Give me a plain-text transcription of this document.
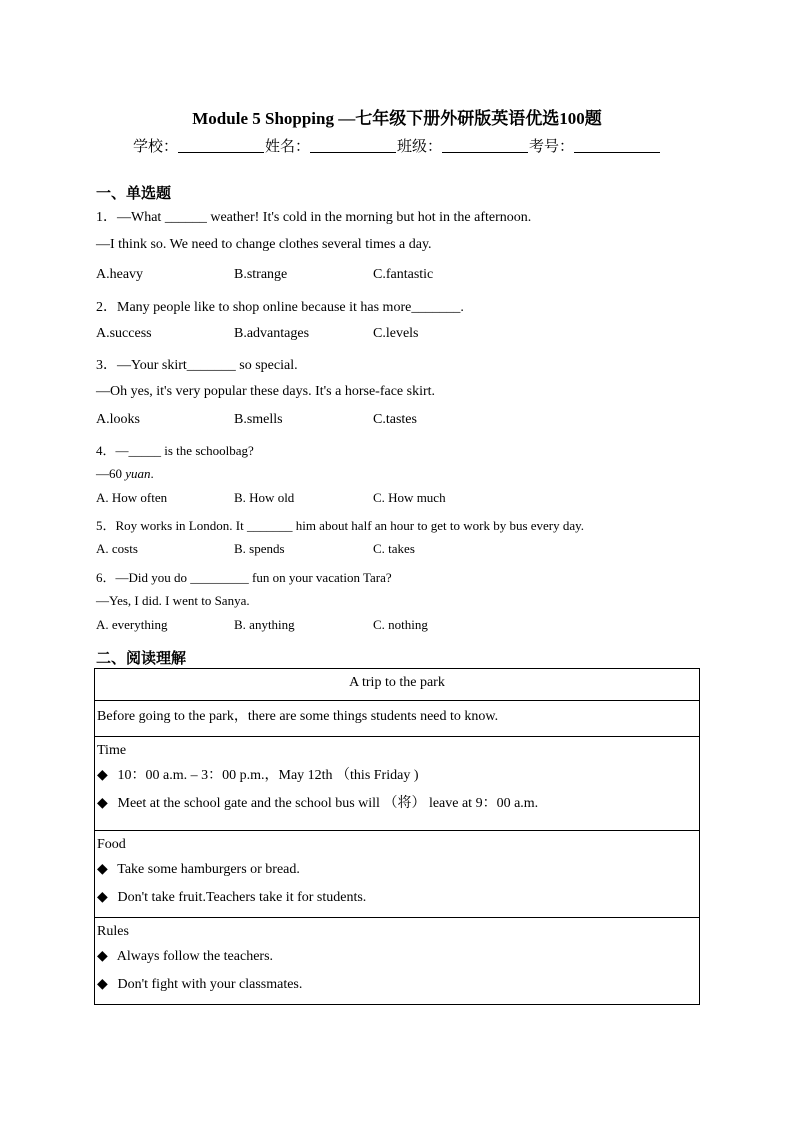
Module 5 Shopping —七年级下册外研版英语优选100题
学校：	姓名：	班级：	考号：
一、单选题
1．—What ______ weather! It's cold in the morning but hot in the afternoon.
—I think so. We need to change clothes several times a day.
A.heavy	B.strange	C.fantastic
2．Many people like to shop online because it has more_______.
A.success	B.advantages	C.levels
3．—Your skirt_______ so special.
—Oh yes, it's very popular these days. It's a horse-face skirt.
A.looks	B.smells	C.tastes
4．—_____ is the schoolbag?
—60 yuan.
A. How often	B. How old	C. How much
5．Roy works in London. It _______ him about half an hour to get to work by bus every day.
A. costs	B. spends	C. takes
6．—Did you do _________ fun on your vacation Tara?
—Yes, I did. I went to Sanya.
A. everything	B. anything	C. nothing
二、阅读理解
A trip to the park
Before going to the park，there are some things students need to know.

Time
◆ 10：00 a.m. – 3：00 p.m.，May 12th （this Friday )
◆ Meet at the school gate and the school bus will （将） leave at 9：00 a.m.

Food
◆ Take some hamburgers or bread.
◆ Don't take fruit.Teachers take it for students.

Rules
◆ Always follow the teachers.
◆ Don't fight with your classmates.
